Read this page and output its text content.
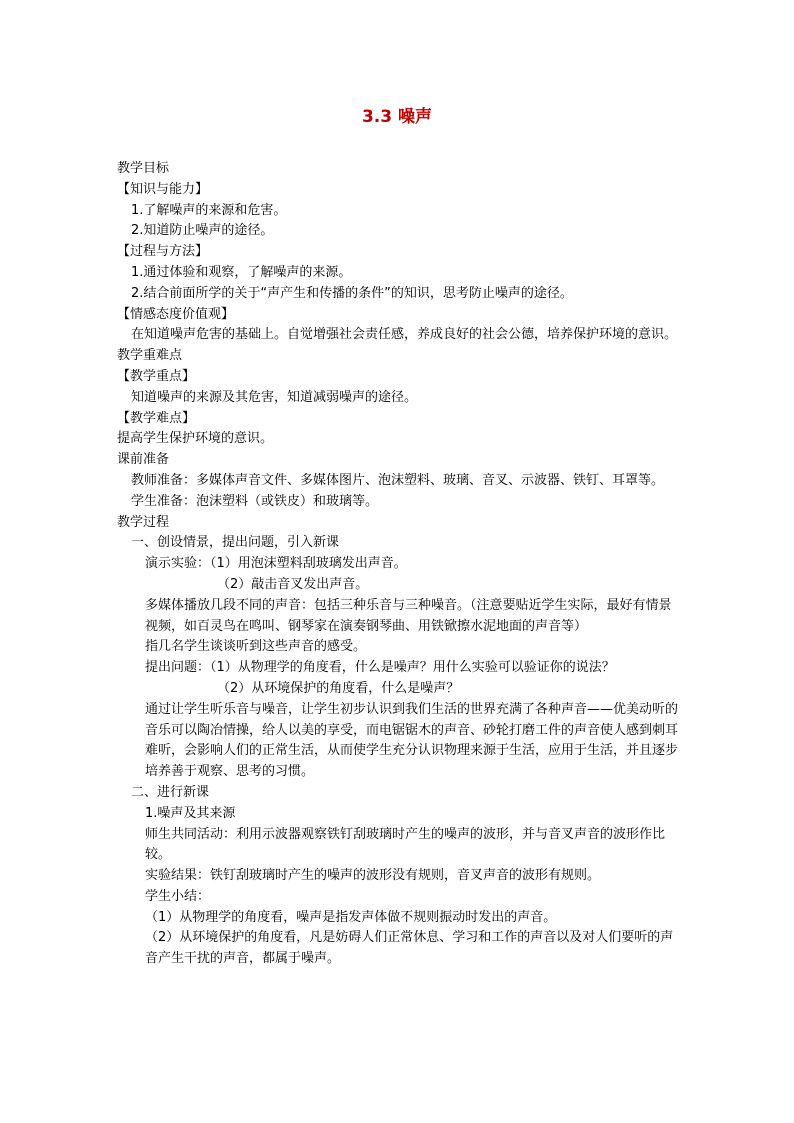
3.3 噪声
教学目标
【知识与能力】
1.了解噪声的来源和危害。
2.知道防止噪声的途径。
【过程与方法】
1.通过体验和观察，了解噪声的来源。
2.结合前面所学的关于“声产生和传播的条件”的知识，思考防止噪声的途径。
【情感态度价值观】
在知道噪声危害的基础上。自觉增强社会责任感，养成良好的社会公德，培养保护环境的意识。
教学重难点
【教学重点】
知道噪声的来源及其危害，知道减弱噪声的途径。
【教学难点】
提高学生保护环境的意识。
课前准备
教师准备：多媒体声音文件、多媒体图片、泡沫塑料、玻璃、音叉、示波器、铁钉、耳罩等。
学生准备：泡沫塑料（或铁皮）和玻璃等。
教学过程
一、创设情景，提出问题，引入新课
演示实验：（1）用泡沫塑料刮玻璃发出声音。
（2）敲击音叉发出声音。
多媒体播放几段不同的声音：包括三种乐音与三种噪音。（注意要贴近学生实际，最好有情景视频，如百灵鸟在鸣叫、钢琴家在演奏钢琴曲、用铁锨擦水泥地面的声音等）
指几名学生谈谈听到这些声音的感受。
提出问题：（1）从物理学的角度看，什么是噪声？用什么实验可以验证你的说法？
（2）从环境保护的角度看，什么是噪声？
通过让学生听乐音与噪音，让学生初步认识到我们生活的世界充满了各种声音——优美动听的音乐可以陶冶情操，给人以美的享受，而电锯锯木的声音、砂轮打磨工件的声音使人感到刺耳难听，会影响人们的正常生活，从而使学生充分认识物理来源于生活，应用于生活，并且逐步培养善于观察、思考的习惯。
二、进行新课
1.噪声及其来源
师生共同活动：利用示波器观察铁钉刮玻璃时产生的噪声的波形，并与音叉声音的波形作比较。
实验结果：铁钉刮玻璃时产生的噪声的波形没有规则，音叉声音的波形有规则。
学生小结：
（1）从物理学的角度看，噪声是指发声体做不规则振动时发出的声音。
（2）从环境保护的角度看，凡是妨碍人们正常休息、学习和工作的声音以及对人们要听的声音产生干扰的声音，都属于噪声。
